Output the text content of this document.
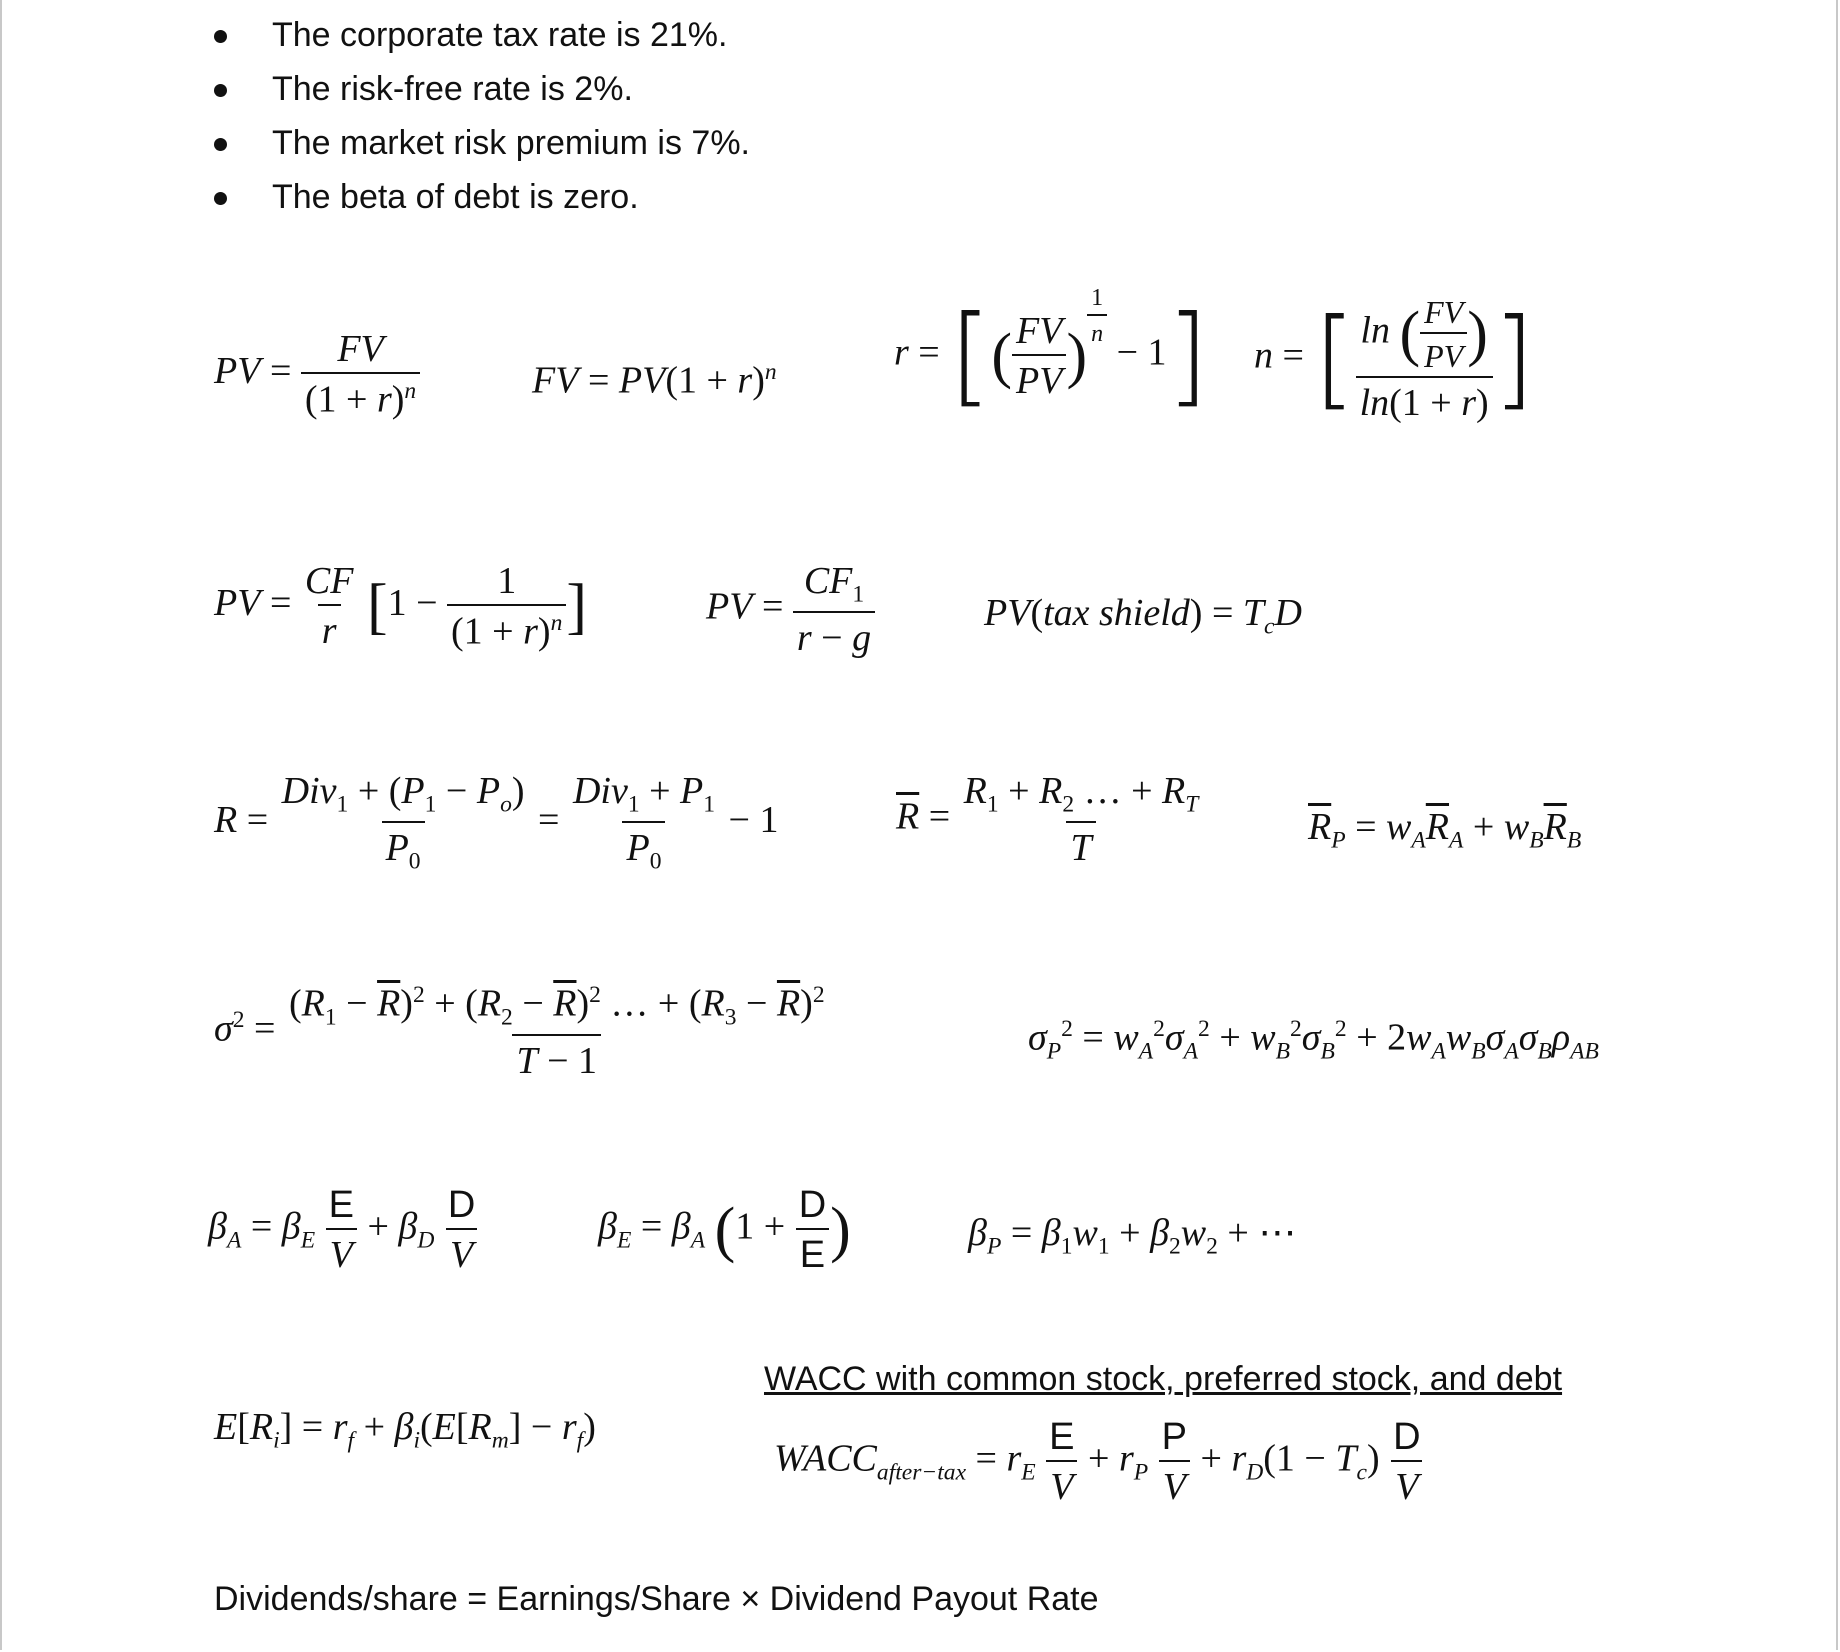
The corporate tax rate is 21%.
The risk-free rate is 2%.
The market risk premium is 7%.
The beta of debt is zero.
PV = $\frac{FV}{(1 + r)^n}$	FV = $PV(1 + r)^n$	r = [( $\frac{FV}{PV}$ )
$^{\frac{1}{n}}$
− 1] n = [ $\frac{\ln ( \frac{FV}{PV} )}{\ln(1 + r)}$ ]
PV = $\frac{CF}{r} [1 - \frac{1}{(1 + r)^n}$ ]	PV = $\frac{CF_1}{r - g}$	PV(tax shield) = $T_cD$
$R = \frac{Div_1 + (P_1 - P_o)}{P_0} = \frac{Div_1 + P_1}{P_0} - 1$	$\overline{R} = \frac{R_1 + R_2 \dots + R_T}{T}$	$\overline{R}_P = w_A\overline{R}_A + w_B\overline{R}_B$
$\sigma^2 = \frac{(R_1 - \overline{R})^2 + (R_2 - \overline{R})^2 \dots + (R_3 - \overline{R})^2}{T - 1}$	$\sigma_P^2 = w_A^2\sigma_A^2 + w_B^2\sigma_B^2 + 2w_Aw_B\sigma_A\sigma_B\rho_{AB}$
$\beta_A = \beta_E \frac{E}{V} + \beta_D \frac{D}{V}$	$\beta_E = \beta_A$ ($1 + \frac{D}{E}$ )	$\beta_P = \beta_1w_1 + \beta_2w_2$ + ⋯
$E[R_i] = r_f + \beta_i(E[R_m] - r_f)$
WACC with common stock, preferred stock, and debt
$WACC_{after-tax} = r_E \frac{E}{V} + r_P \frac{P}{V} + r_D(1 - T_c) \frac{D}{V}$
Dividends/share = Earnings/Share × Dividend Payout Rate
